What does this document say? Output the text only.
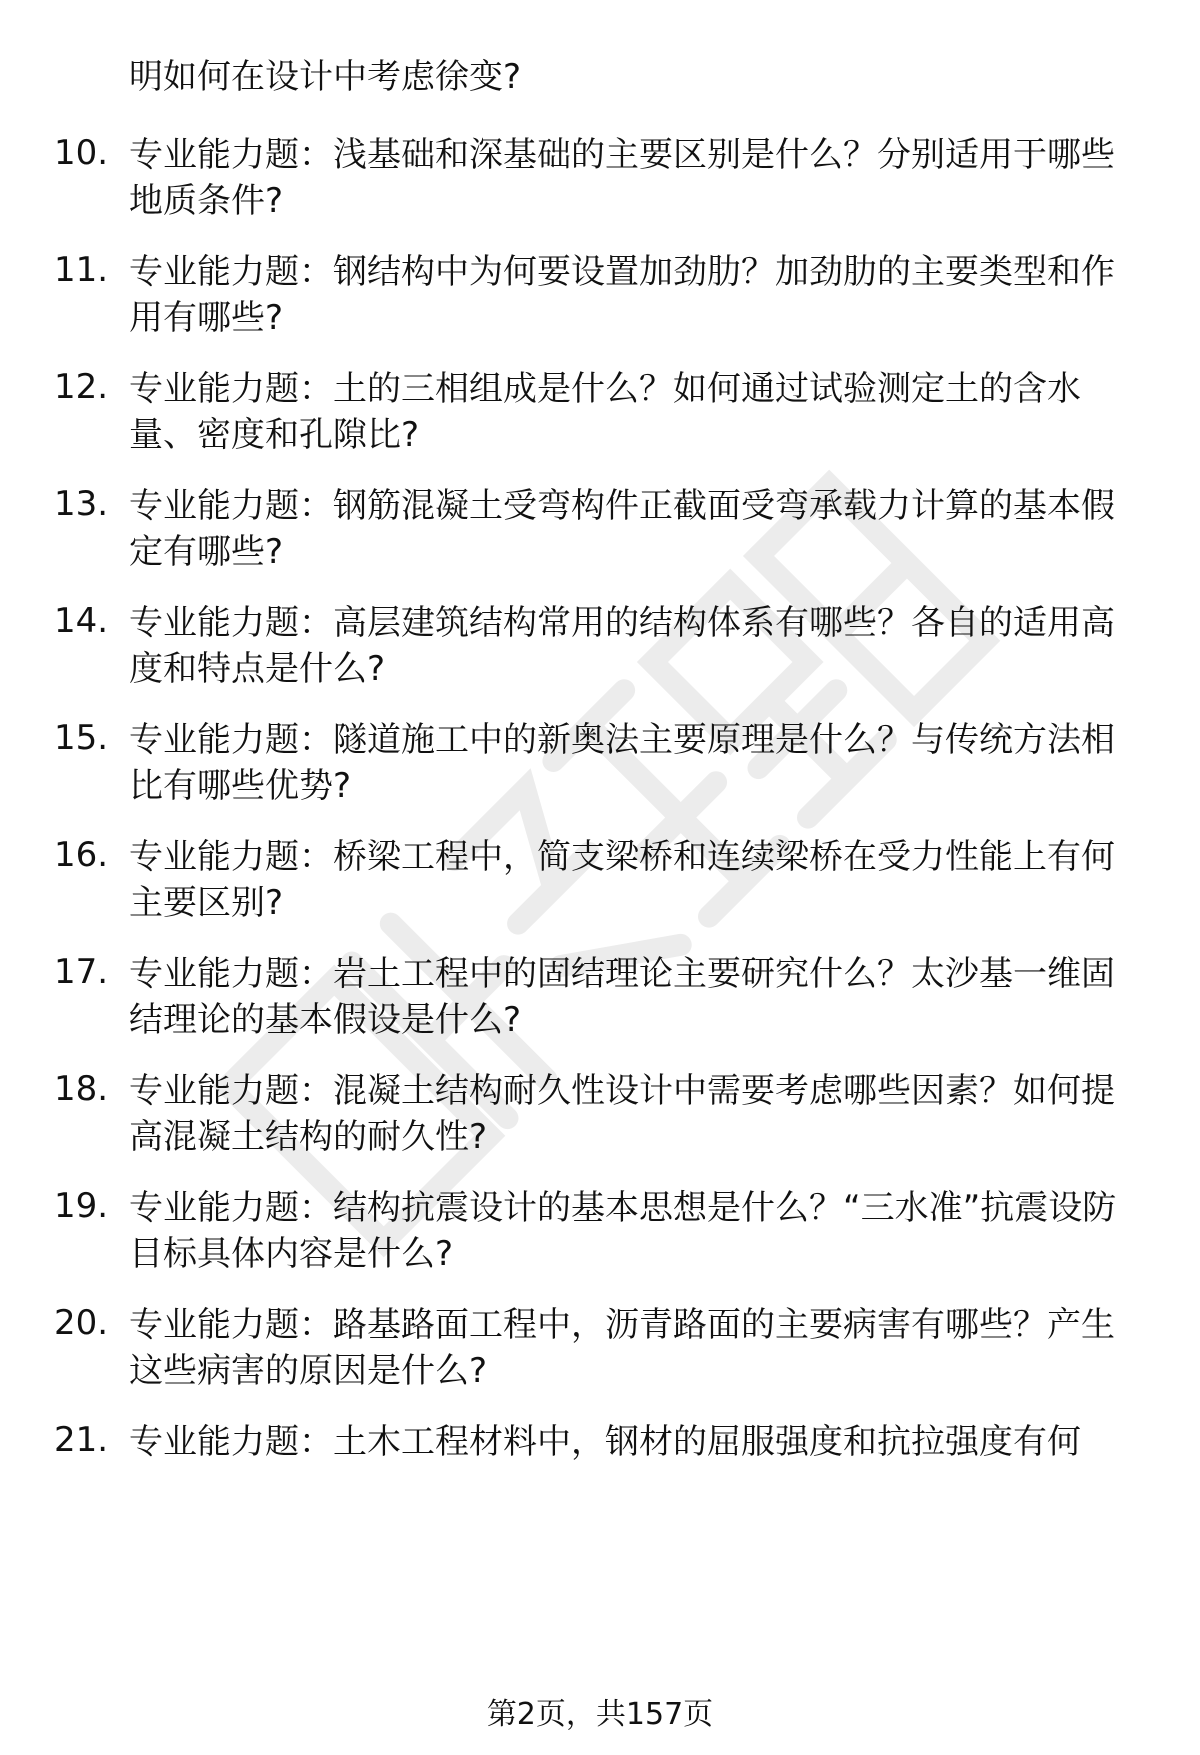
明如何在设计中考虑徐变?
10. 专业能力题：浅基础和深基础的主要区别是什么？分别适用于哪些地质条件?
11. 专业能力题：钢结构中为何要设置加劲肋？加劲肋的主要类型和作用有哪些?
12. 专业能力题：土的三相组成是什么？如何通过试验测定土的含水量、密度和孔隙比?
13. 专业能力题：钢筋混凝土受弯构件正截面受弯承载力计算的基本假定有哪些?
14. 专业能力题：高层建筑结构常用的结构体系有哪些？各自的适用高度和特点是什么?
15. 专业能力题：隧道施工中的新奥法主要原理是什么？与传统方法相比有哪些优势?
16. 专业能力题：桥梁工程中，简支梁桥和连续梁桥在受力性能上有何主要区别?
17. 专业能力题：岩土工程中的固结理论主要研究什么？太沙基一维固结理论的基本假设是什么?
18. 专业能力题：混凝土结构耐久性设计中需要考虑哪些因素？如何提高混凝土结构的耐久性?
19. 专业能力题：结构抗震设计的基本思想是什么？“三水准”抗震设防目标具体内容是什么?
20. 专业能力题：路基路面工程中，沥青路面的主要病害有哪些？产生这些病害的原因是什么?
21. 专业能力题：土木工程材料中，钢材的屈服强度和抗拉强度有何
第2页，共157页
